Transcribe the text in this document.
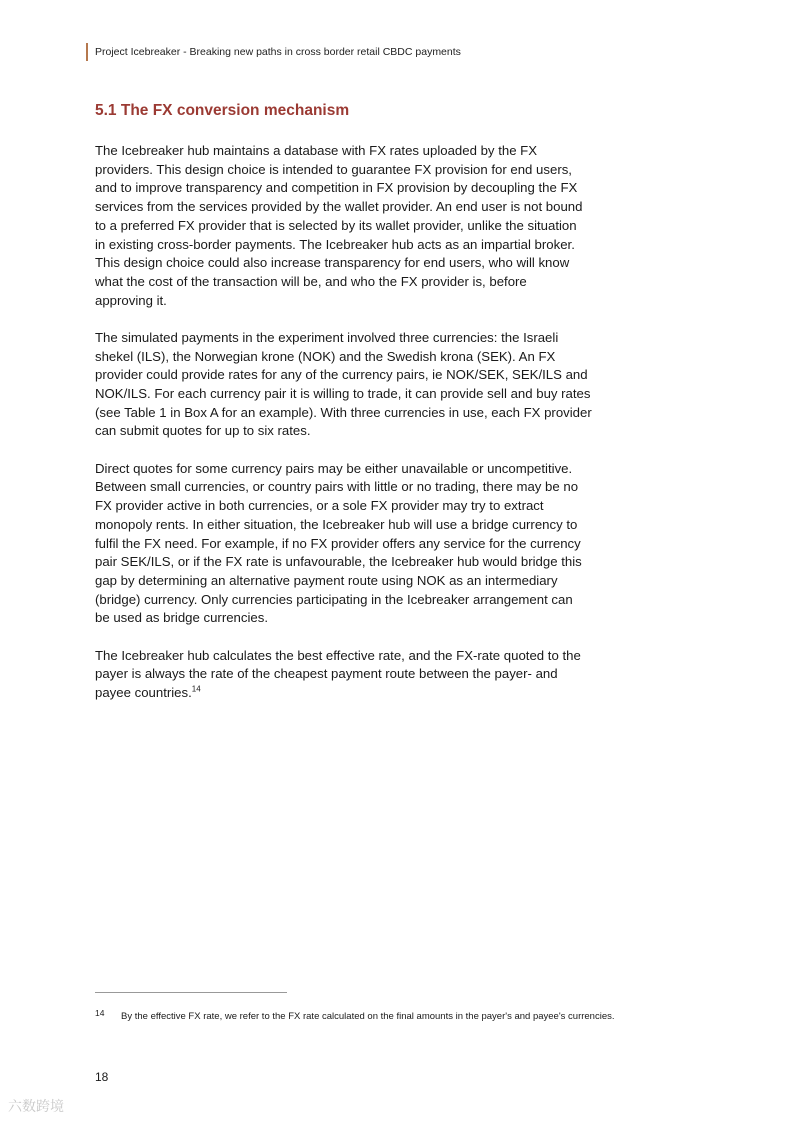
Project Icebreaker - Breaking new paths in cross border retail CBDC payments
5.1 The FX conversion mechanism

The Icebreaker hub maintains a database with FX rates uploaded by the FX
providers. This design choice is intended to guarantee FX provision for end users,
and to improve transparency and competition in FX provision by decoupling the FX
services from the services provided by the wallet provider. An end user is not bound
to a preferred FX provider that is selected by its wallet provider, unlike the situation
in existing cross-border payments. The Icebreaker hub acts as an impartial broker.
This design choice could also increase transparency for end users, who will know
what the cost of the transaction will be, and who the FX provider is, before
approving it.

The simulated payments in the experiment involved three currencies: the Israeli
shekel (ILS), the Norwegian krone (NOK) and the Swedish krona (SEK). An FX
provider could provide rates for any of the currency pairs, ie NOK/SEK, SEK/ILS and
NOK/ILS. For each currency pair it is willing to trade, it can provide sell and buy rates
(see Table 1 in Box A for an example). With three currencies in use, each FX provider
can submit quotes for up to six rates.

Direct quotes for some currency pairs may be either unavailable or uncompetitive.
Between small currencies, or country pairs with little or no trading, there may be no
FX provider active in both currencies, or a sole FX provider may try to extract
monopoly rents. In either situation, the Icebreaker hub will use a bridge currency to
fulfil the FX need. For example, if no FX provider offers any service for the currency
pair SEK/ILS, or if the FX rate is unfavourable, the Icebreaker hub would bridge this
gap by determining an alternative payment route using NOK as an intermediary
(bridge) currency. Only currencies participating in the Icebreaker arrangement can
be used as bridge currencies.

The Icebreaker hub calculates the best effective rate, and the FX-rate quoted to the
payer is always the rate of the cheapest payment route between the payer- and
payee countries.$^{14}$

14 By the effective FX rate, we refer to the FX rate calculated on the final amounts in the payer's and payee's currencies.
18
六数跨境
